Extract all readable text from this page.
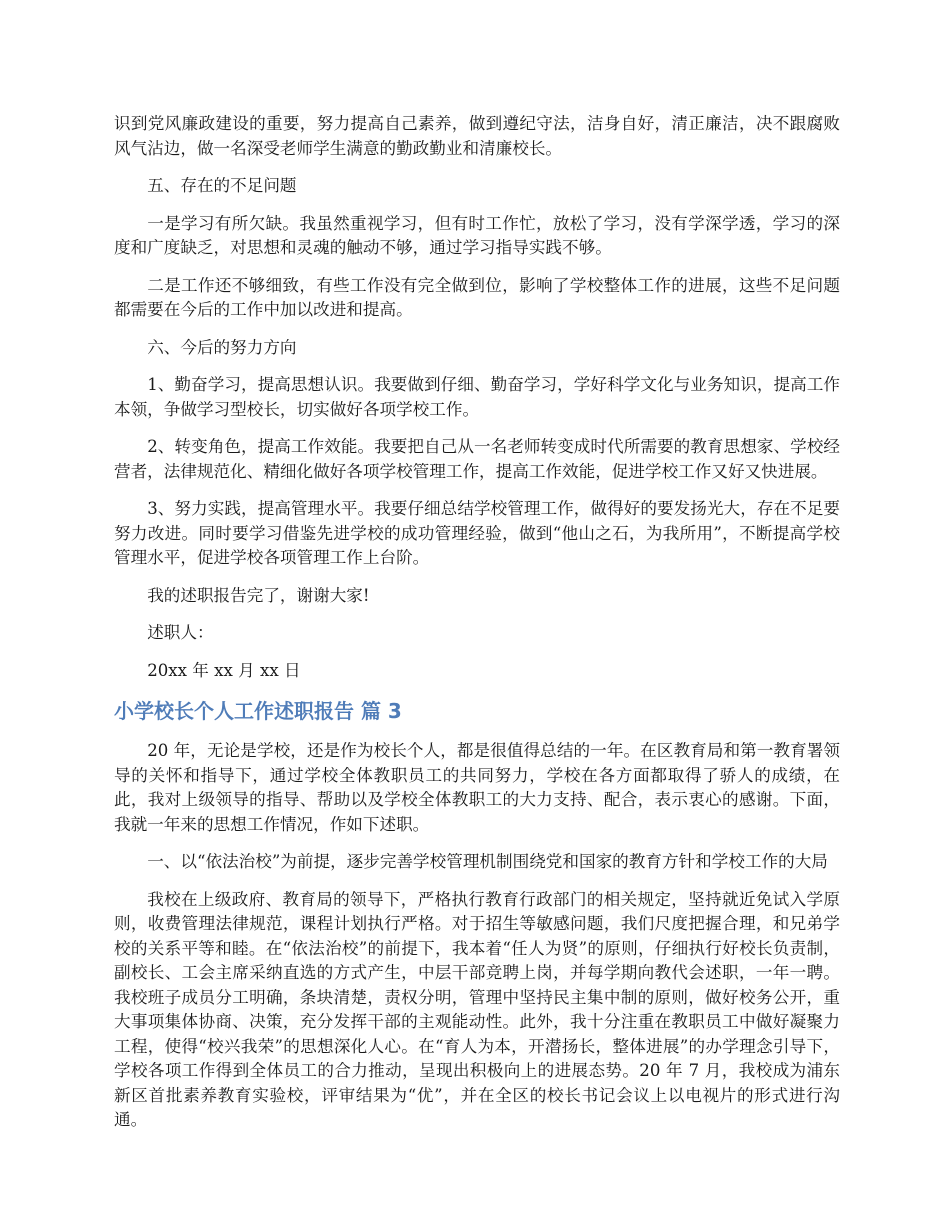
识到党风廉政建设的重要，努力提高自己素养，做到遵纪守法，洁身自好，清正廉洁，决不跟腐败风气沾边，做一名深受老师学生满意的勤政勤业和清廉校长。

五、存在的不足问题

一是学习有所欠缺。我虽然重视学习，但有时工作忙，放松了学习，没有学深学透，学习的深度和广度缺乏，对思想和灵魂的触动不够，通过学习指导实践不够。

二是工作还不够细致，有些工作没有完全做到位，影响了学校整体工作的进展，这些不足问题都需要在今后的工作中加以改进和提高。

六、今后的努力方向

1、勤奋学习，提高思想认识。我要做到仔细、勤奋学习，学好科学文化与业务知识，提高工作本领，争做学习型校长，切实做好各项学校工作。

2、转变角色，提高工作效能。我要把自己从一名老师转变成时代所需要的教育思想家、学校经营者，法律规范化、精细化做好各项学校管理工作，提高工作效能，促进学校工作又好又快进展。

3、努力实践，提高管理水平。我要仔细总结学校管理工作，做得好的要发扬光大，存在不足要努力改进。同时要学习借鉴先进学校的成功管理经验，做到“他山之石，为我所用”，不断提高学校管理水平，促进学校各项管理工作上台阶。

我的述职报告完了，谢谢大家!

述职人：

20xx 年 xx 月 xx 日

小学校长个人工作述职报告 篇 3

20 年，无论是学校，还是作为校长个人，都是很值得总结的一年。在区教育局和第一教育署领导的关怀和指导下，通过学校全体教职员工的共同努力，学校在各方面都取得了骄人的成绩，在此，我对上级领导的指导、帮助以及学校全体教职工的大力支持、配合，表示衷心的感谢。下面，我就一年来的思想工作情况，作如下述职。

一、以“依法治校”为前提，逐步完善学校管理机制围绕党和国家的教育方针和学校工作的大局

我校在上级政府、教育局的领导下，严格执行教育行政部门的相关规定，坚持就近免试入学原则，收费管理法律规范，课程计划执行严格。对于招生等敏感问题，我们尺度把握合理，和兄弟学校的关系平等和睦。在“依法治校”的前提下，我本着“任人为贤”的原则，仔细执行好校长负责制，副校长、工会主席采纳直选的方式产生，中层干部竞聘上岗，并每学期向教代会述职，一年一聘。我校班子成员分工明确，条块清楚，责权分明，管理中坚持民主集中制的原则，做好校务公开，重大事项集体协商、决策，充分发挥干部的主观能动性。此外，我十分注重在教职员工中做好凝聚力工程，使得“校兴我荣”的思想深化人心。在“育人为本，开潜扬长，整体进展”的办学理念引导下，学校各项工作得到全体员工的合力推动，呈现出积极向上的进展态势。20 年 7 月，我校成为浦东新区首批素养教育实验校，评审结果为“优”，并在全区的校长书记会议上以电视片的形式进行沟通。
